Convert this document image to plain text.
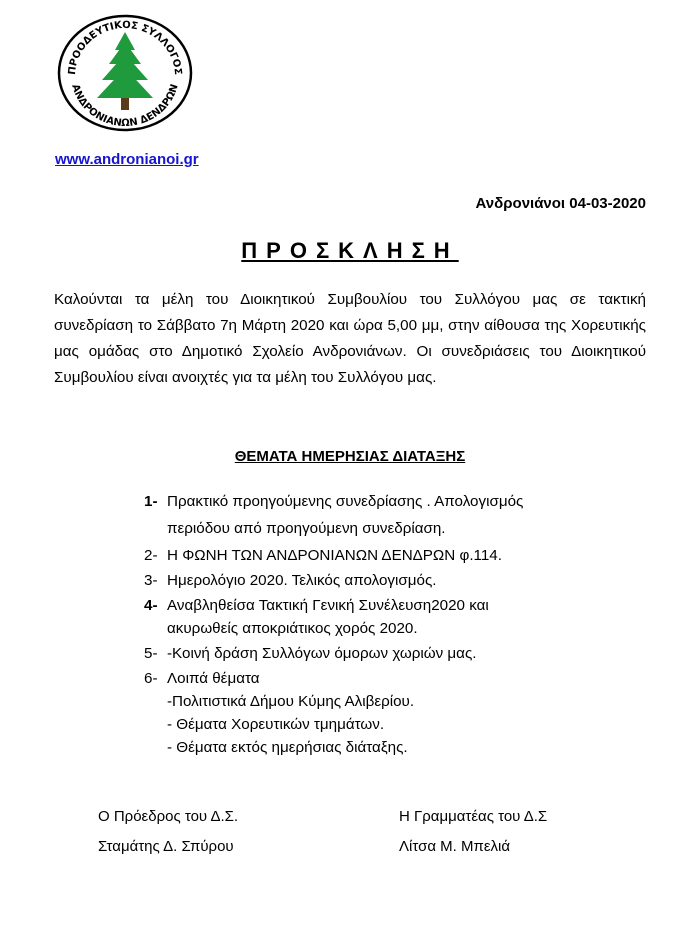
ΠΡΟΟΔΕΥΤΙΚΟΣ ΣΥΛΛΟΓΟΣ
ΑΝΔΡΟΝΙΑΝΩΝ ΔΕΝΔΡΩΝ
www.andronianoi.gr
Ανδρονιάνοι 04-03-2020
ΠΡΟΣΚΛΗΣΗ
Καλούνται τα μέλη του Διοικητικού Συμβουλίου του Συλλόγου μας σε τακτική συνεδρίαση το Σάββατο 7η Μάρτη 2020 και ώρα 5,00 μμ, στην αίθουσα της Χορευτικής μας ομάδας στο Δημοτικό Σχολείο Ανδρονιάνων. Οι συνεδριάσεις του Διοικητικού Συμβουλίου είναι ανοιχτές για τα μέλη του Συλλόγου μας.
ΘΕΜΑΤΑ ΗΜΕΡΗΣΙΑΣ ΔΙΑΤΑΞΗΣ
1- Πρακτικό προηγούμενης συνεδρίασης . Απολογισμός
περιόδου από προηγούμενη συνεδρίαση.
2- Η ΦΩΝΗ ΤΩΝ ΑΝΔΡΟΝΙΑΝΩΝ ΔΕΝΔΡΩΝ φ.114.
3- Ημερολόγιο 2020. Τελικός απολογισμός.
4- Αναβληθείσα Τακτική Γενική Συνέλευση2020 και
ακυρωθείς αποκριάτικος χορός 2020.
5- -Κοινή δράση Συλλόγων όμορων χωριών μας.
6- Λοιπά θέματα
-Πολιτιστικά Δήμου Κύμης Αλιβερίου.
- Θέματα Χορευτικών τμημάτων.
- Θέματα εκτός ημερήσιας διάταξης.
Ο Πρόεδρος του Δ.Σ.
Σταμάτης Δ. Σπύρου
Η Γραμματέας του Δ.Σ
Λίτσα Μ. Μπελιά
